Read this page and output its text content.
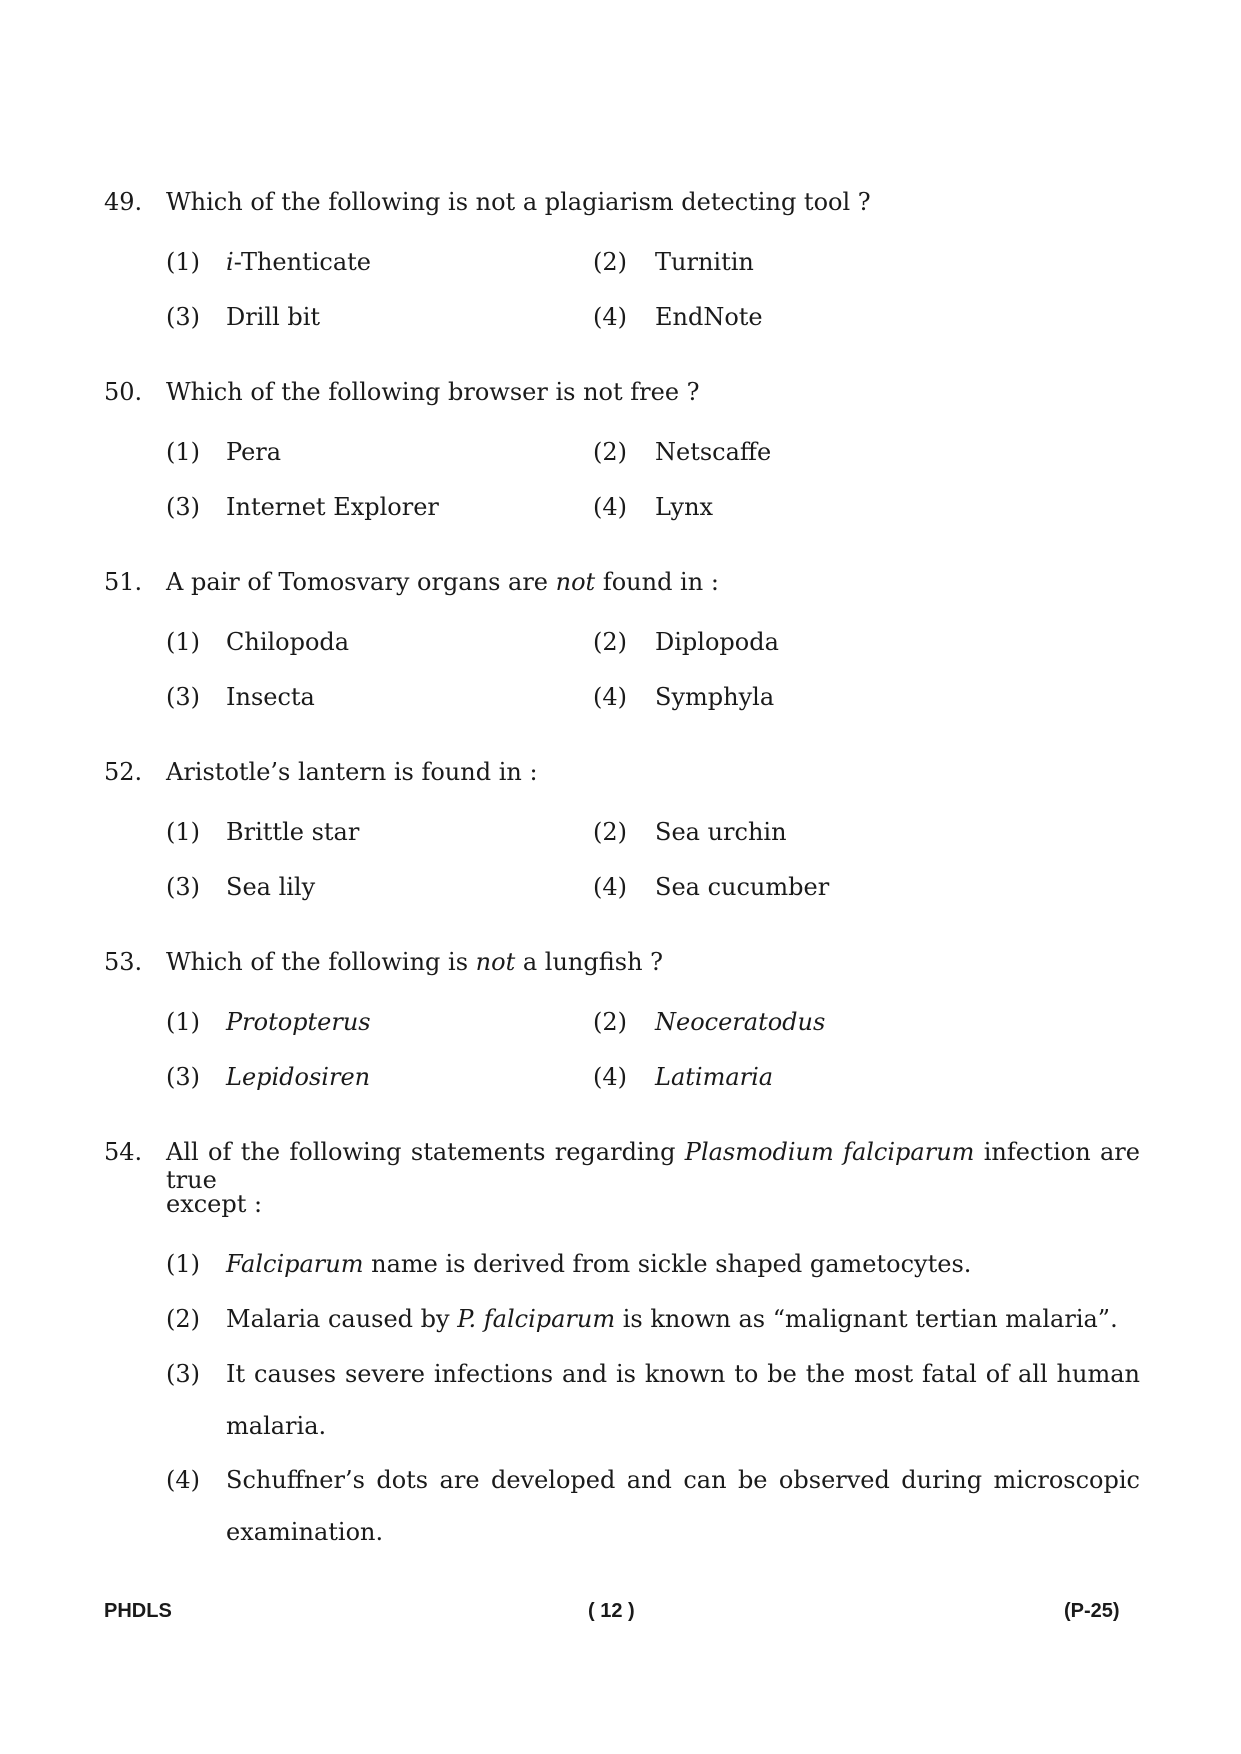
49. Which of the following is not a plagiarism detecting tool ?
(1) i-Thenticate	(2) Turnitin
(3) Drill bit	(4) EndNote
50. Which of the following browser is not free ?
(1) Pera	(2) Netscaffe
(3) Internet Explorer	(4) Lynx
51. A pair of Tomosvary organs are not found in :
(1) Chilopoda	(2) Diplopoda
(3) Insecta	(4) Symphyla
52. Aristotle’s lantern is found in :
(1) Brittle star	(2) Sea urchin
(3) Sea lily	(4) Sea cucumber
53. Which of the following is not a lungfish ?
(1) Protopterus	(2) Neoceratodus
(3) Lepidosiren	(4) Latimaria
54. All of the following statements regarding Plasmodium falciparum infection are true
except :
(1) Falciparum name is derived from sickle shaped gametocytes.
(2) Malaria caused by P. falciparum is known as “malignant tertian malaria”.
(3) It causes severe infections and is known to be the most fatal of all human
malaria.
(4) Schuffner’s dots are developed and can be observed during microscopic
examination.
PHDLS	( 12 )	(P-25)
